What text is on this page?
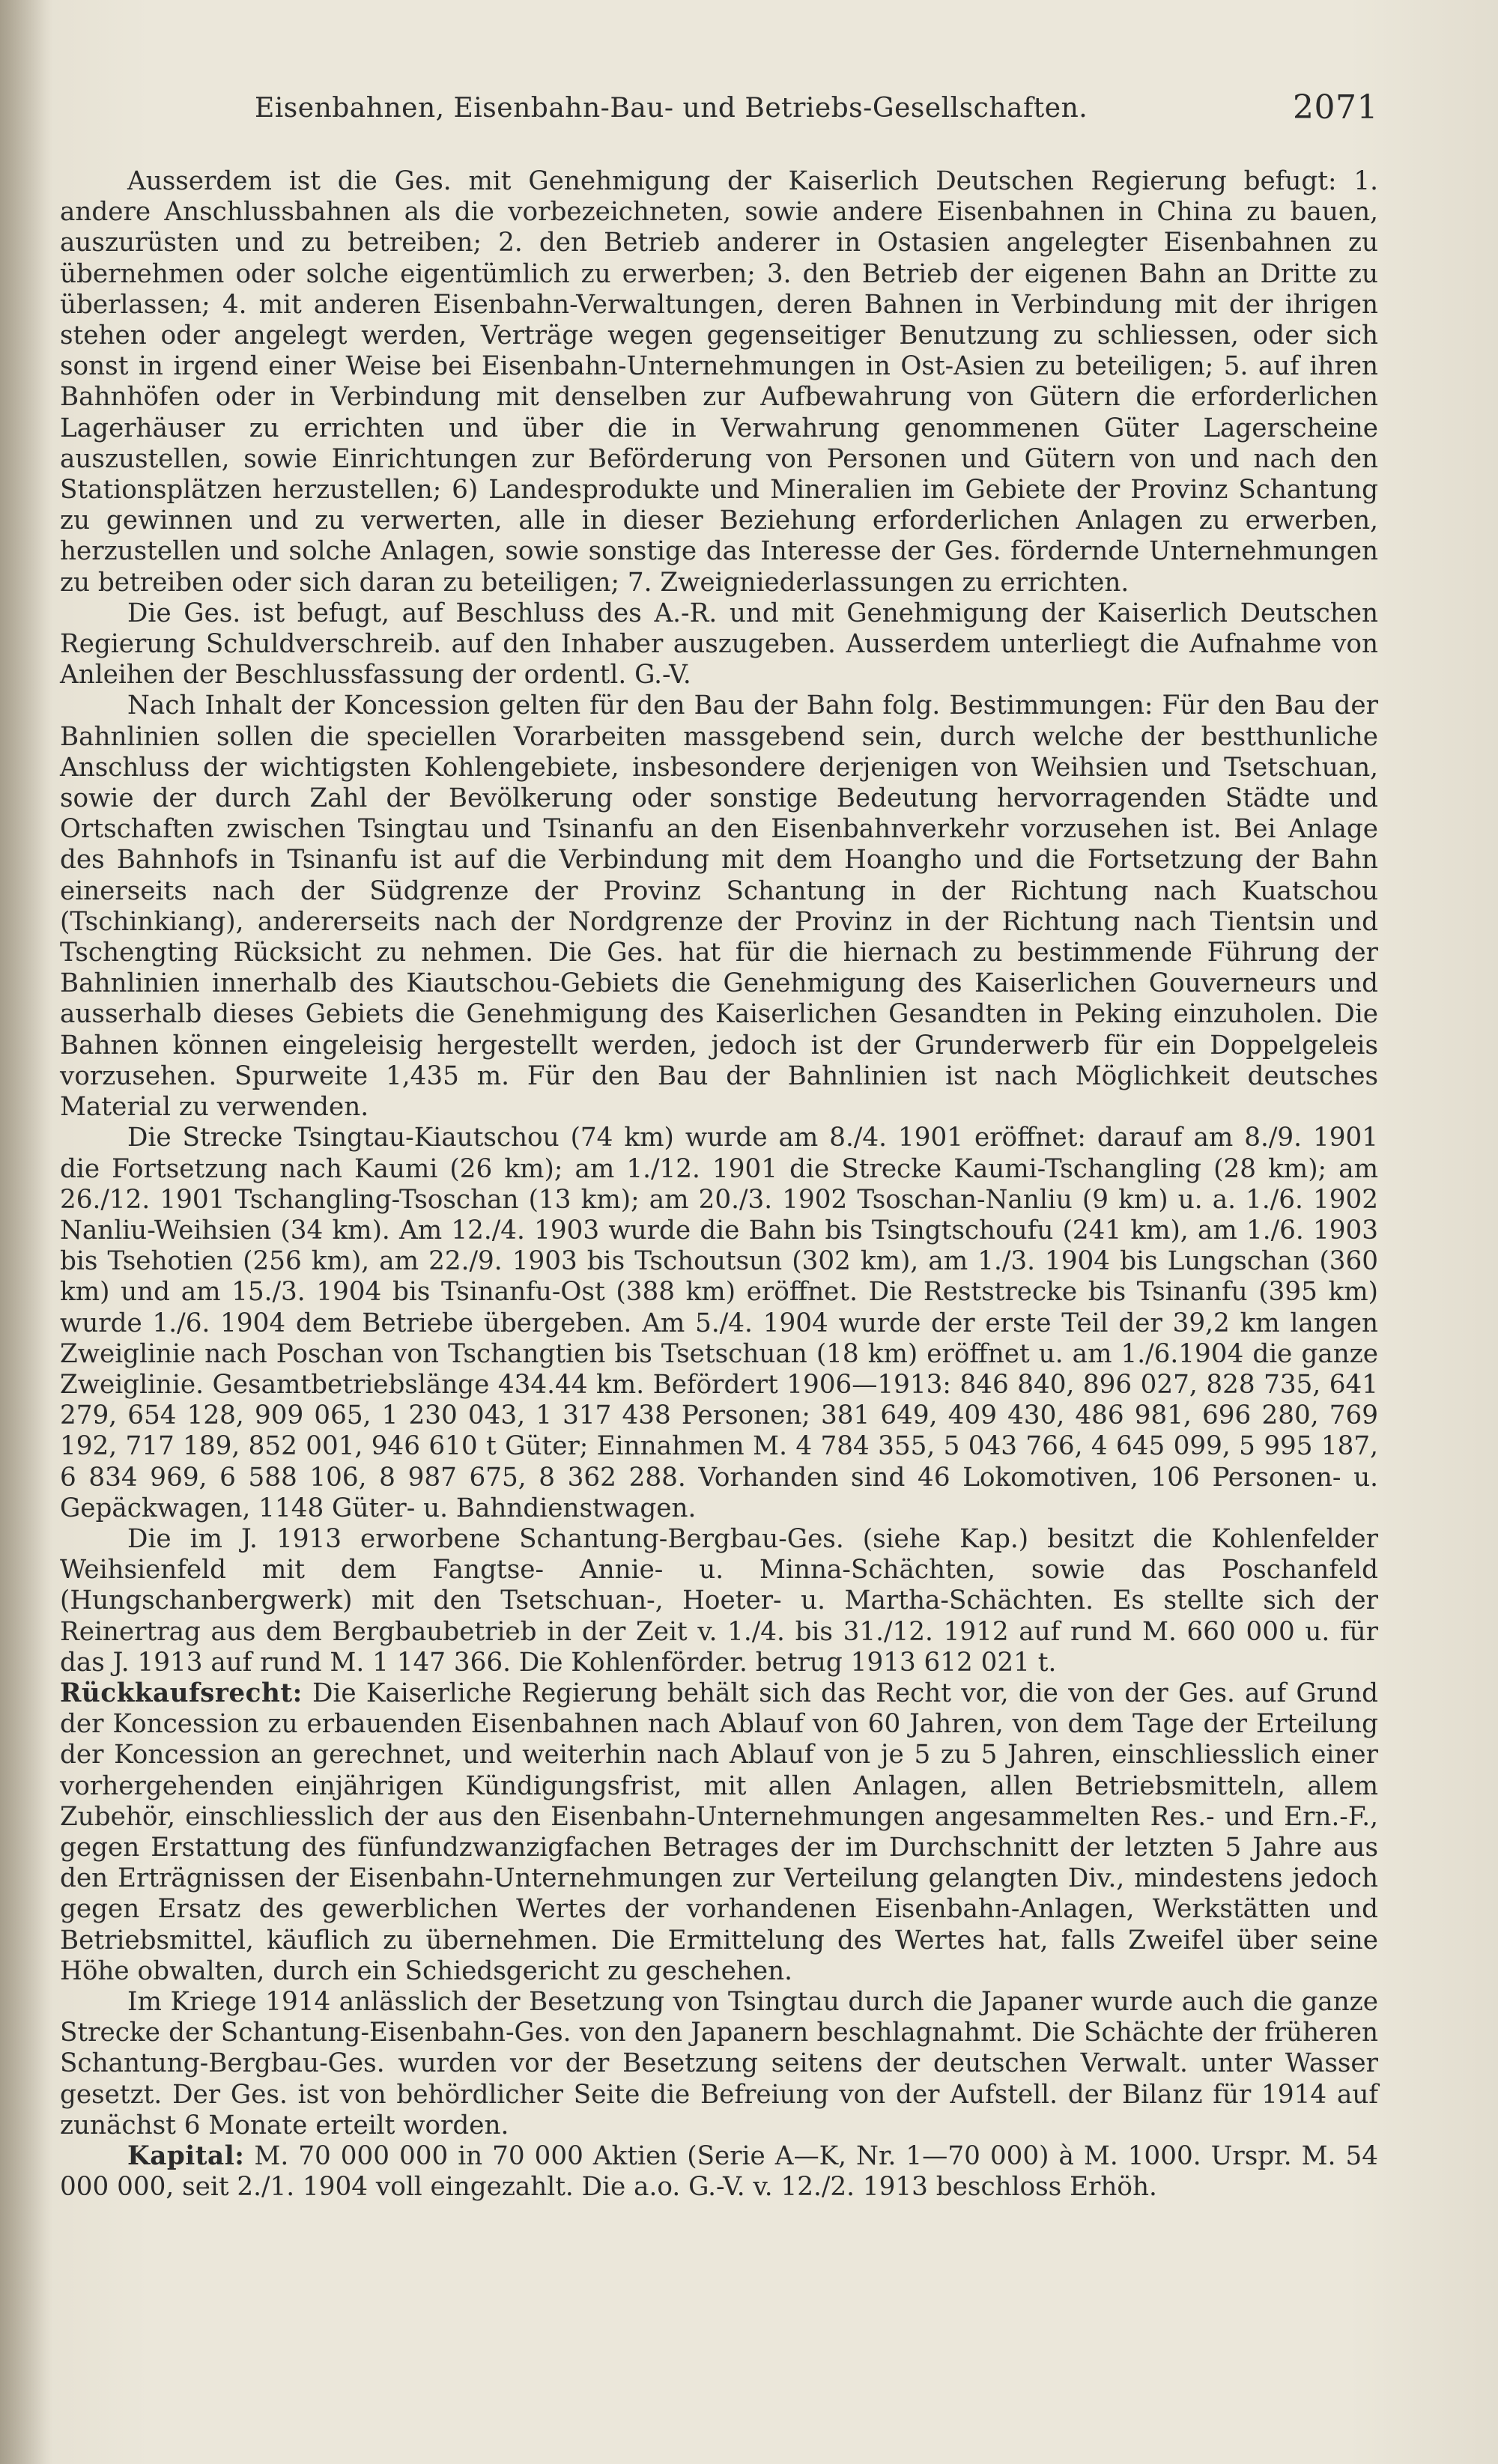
Eisenbahnen, Eisenbahn-Bau- und Betriebs-Gesellschaften.	2071

Ausserdem ist die Ges. mit Genehmigung der Kaiserlich Deutschen Regierung befugt: 1. andere Anschlussbahnen als die vorbezeichneten, sowie andere Eisenbahnen in China zu bauen, auszurüsten und zu betreiben; 2. den Betrieb anderer in Ostasien angelegter Eisenbahnen zu übernehmen oder solche eigentümlich zu erwerben; 3. den Betrieb der eigenen Bahn an Dritte zu überlassen; 4. mit anderen Eisenbahn-Verwaltungen, deren Bahnen in Verbindung mit der ihrigen stehen oder angelegt werden, Verträge wegen gegenseitiger Benutzung zu schliessen, oder sich sonst in irgend einer Weise bei Eisenbahn-Unternehmungen in Ost-Asien zu beteiligen; 5. auf ihren Bahnhöfen oder in Verbindung mit denselben zur Aufbewahrung von Gütern die erforderlichen Lagerhäuser zu errichten und über die in Verwahrung genommenen Güter Lagerscheine auszustellen, sowie Einrichtungen zur Beförderung von Personen und Gütern von und nach den Stationsplätzen herzustellen; 6) Landesprodukte und Mineralien im Gebiete der Provinz Schantung zu gewinnen und zu verwerten, alle in dieser Beziehung erforderlichen Anlagen zu erwerben, herzustellen und solche Anlagen, sowie sonstige das Interesse der Ges. fördernde Unternehmungen zu betreiben oder sich daran zu beteiligen; 7. Zweigniederlassungen zu errichten.

Die Ges. ist befugt, auf Beschluss des A.-R. und mit Genehmigung der Kaiserlich Deutschen Regierung Schuldverschreib. auf den Inhaber auszugeben. Ausserdem unterliegt die Aufnahme von Anleihen der Beschlussfassung der ordentl. G.-V.

Nach Inhalt der Koncession gelten für den Bau der Bahn folg. Bestimmungen: Für den Bau der Bahnlinien sollen die speciellen Vorarbeiten massgebend sein, durch welche der bestthunliche Anschluss der wichtigsten Kohlengebiete, insbesondere derjenigen von Weihsien und Tsetschuan, sowie der durch Zahl der Bevölkerung oder sonstige Bedeutung hervorragenden Städte und Ortschaften zwischen Tsingtau und Tsinanfu an den Eisenbahnverkehr vorzusehen ist. Bei Anlage des Bahnhofs in Tsinanfu ist auf die Verbindung mit dem Hoangho und die Fortsetzung der Bahn einerseits nach der Südgrenze der Provinz Schantung in der Richtung nach Kuatschou (Tschinkiang), andererseits nach der Nordgrenze der Provinz in der Richtung nach Tientsin und Tschengting Rücksicht zu nehmen. Die Ges. hat für die hiernach zu bestimmende Führung der Bahnlinien innerhalb des Kiautschou-Gebiets die Genehmigung des Kaiserlichen Gouverneurs und ausserhalb dieses Gebiets die Genehmigung des Kaiserlichen Gesandten in Peking einzuholen. Die Bahnen können eingeleisig hergestellt werden, jedoch ist der Grunderwerb für ein Doppelgeleis vorzusehen. Spurweite 1,435 m. Für den Bau der Bahnlinien ist nach Möglichkeit deutsches Material zu verwenden.

Die Strecke Tsingtau-Kiautschou (74 km) wurde am 8./4. 1901 eröffnet: darauf am 8./9. 1901 die Fortsetzung nach Kaumi (26 km); am 1./12. 1901 die Strecke Kaumi-Tschangling (28 km); am 26./12. 1901 Tschangling-Tsoschan (13 km); am 20./3. 1902 Tsoschan-Nanliu (9 km) u. a. 1./6. 1902 Nanliu-Weihsien (34 km). Am 12./4. 1903 wurde die Bahn bis Tsingtschoufu (241 km), am 1./6. 1903 bis Tsehotien (256 km), am 22./9. 1903 bis Tschoutsun (302 km), am 1./3. 1904 bis Lungschan (360 km) und am 15./3. 1904 bis Tsinanfu-Ost (388 km) eröffnet. Die Reststrecke bis Tsinanfu (395 km) wurde 1./6. 1904 dem Betriebe übergeben. Am 5./4. 1904 wurde der erste Teil der 39,2 km langen Zweiglinie nach Poschan von Tschangtien bis Tsetschuan (18 km) eröffnet u. am 1./6.1904 die ganze Zweiglinie. Gesamtbetriebslänge 434.44 km. Befördert 1906—1913: 846 840, 896 027, 828 735, 641 279, 654 128, 909 065, 1 230 043, 1 317 438 Personen; 381 649, 409 430, 486 981, 696 280, 769 192, 717 189, 852 001, 946 610 t Güter; Einnahmen M. 4 784 355, 5 043 766, 4 645 099, 5 995 187, 6 834 969, 6 588 106, 8 987 675, 8 362 288. Vorhanden sind 46 Lokomotiven, 106 Personen- u. Gepäckwagen, 1148 Güter- u. Bahndienstwagen.

Die im J. 1913 erworbene Schantung-Bergbau-Ges. (siehe Kap.) besitzt die Kohlenfelder Weihsienfeld mit dem Fangtse- Annie- u. Minna-Schächten, sowie das Poschanfeld (Hungschanbergwerk) mit den Tsetschuan-, Hoeter- u. Martha-Schächten. Es stellte sich der Reinertrag aus dem Bergbaubetrieb in der Zeit v. 1./4. bis 31./12. 1912 auf rund M. 660 000 u. für das J. 1913 auf rund M. 1 147 366. Die Kohlenförder. betrug 1913 612 021 t.

Rückkaufsrecht: Die Kaiserliche Regierung behält sich das Recht vor, die von der Ges. auf Grund der Koncession zu erbauenden Eisenbahnen nach Ablauf von 60 Jahren, von dem Tage der Erteilung der Koncession an gerechnet, und weiterhin nach Ablauf von je 5 zu 5 Jahren, einschliesslich einer vorhergehenden einjährigen Kündigungsfrist, mit allen Anlagen, allen Betriebsmitteln, allem Zubehör, einschliesslich der aus den Eisenbahn-Unternehmungen angesammelten Res.- und Ern.-F., gegen Erstattung des fünfundzwanzigfachen Betrages der im Durchschnitt der letzten 5 Jahre aus den Erträgnissen der Eisenbahn-Unternehmungen zur Verteilung gelangten Div., mindestens jedoch gegen Ersatz des gewerblichen Wertes der vorhandenen Eisenbahn-Anlagen, Werkstätten und Betriebsmittel, käuflich zu übernehmen. Die Ermittelung des Wertes hat, falls Zweifel über seine Höhe obwalten, durch ein Schiedsgericht zu geschehen.

Im Kriege 1914 anlässlich der Besetzung von Tsingtau durch die Japaner wurde auch die ganze Strecke der Schantung-Eisenbahn-Ges. von den Japanern beschlagnahmt. Die Schächte der früheren Schantung-Bergbau-Ges. wurden vor der Besetzung seitens der deutschen Verwalt. unter Wasser gesetzt. Der Ges. ist von behördlicher Seite die Befreiung von der Aufstell. der Bilanz für 1914 auf zunächst 6 Monate erteilt worden.

Kapital: M. 70 000 000 in 70 000 Aktien (Serie A—K, Nr. 1—70 000) à M. 1000. Urspr. M. 54 000 000, seit 2./1. 1904 voll eingezahlt. Die a.o. G.-V. v. 12./2. 1913 beschloss Erhöh.
